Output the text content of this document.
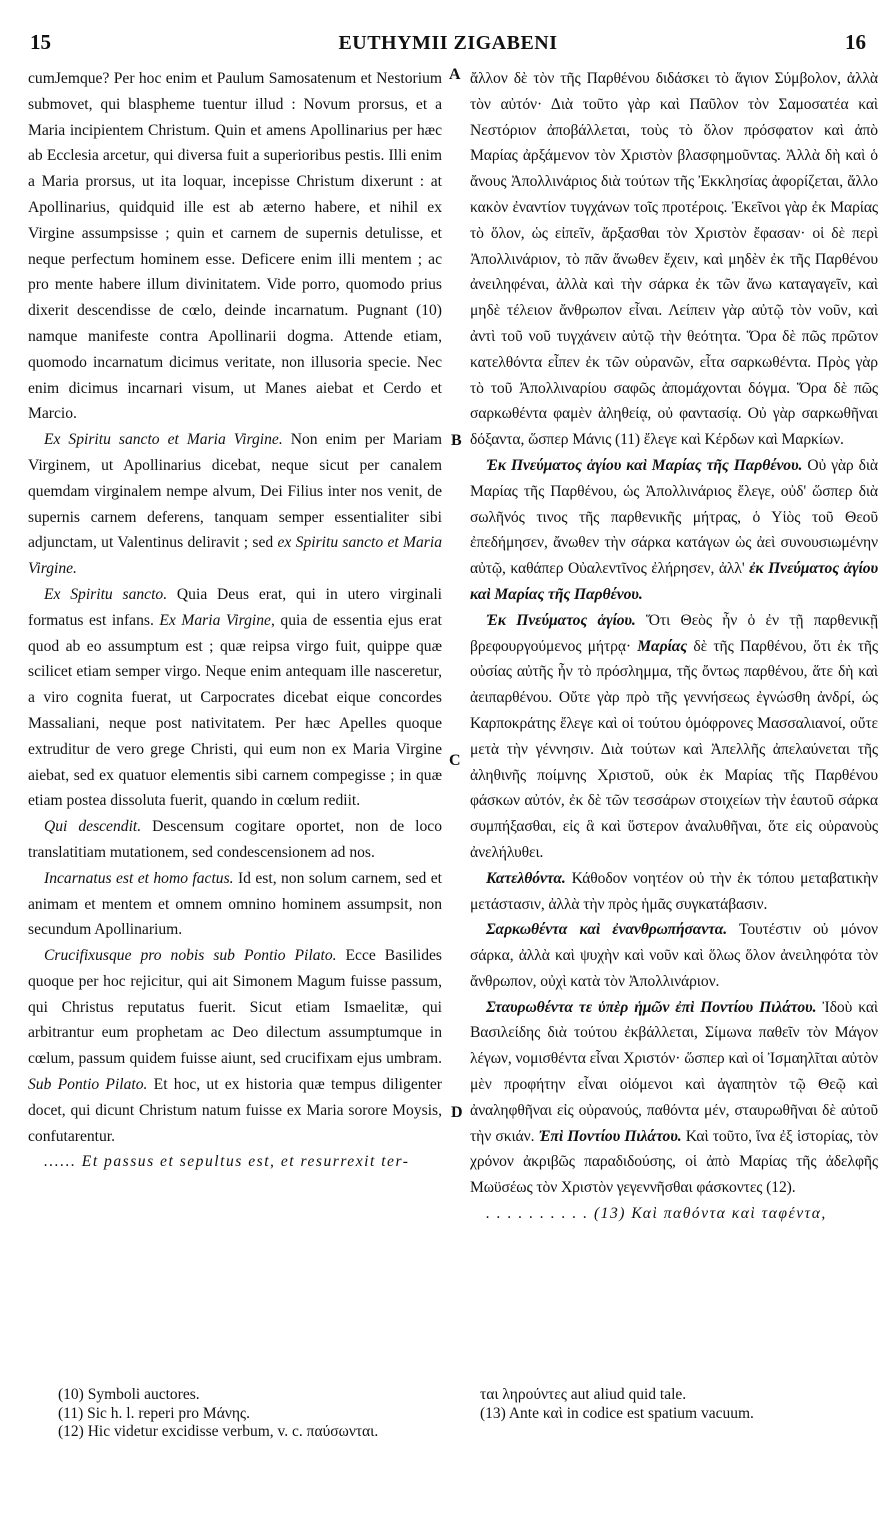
15	EUTHYMII ZIGABENI	16

cumJemque? Per hoc enim et Paulum Samosatenum et Nestorium submovet, qui blaspheme tuentur illud : Novum prorsus, et a Maria incipientem Christum. Quin et amens Apollinarius per hæc ab Ecclesia arcetur, qui diversa fuit a superioribus pestis. Illi enim a Maria prorsus, ut ita loquar, incepisse Christum dixerunt : at Apollinarius, quidquid ille est ab æterno habere, et nihil ex Virgine assumpsisse ; quin et carnem de supernis detulisse, et neque perfectum hominem esse. Deficere enim illi mentem ; ac pro mente habere illum divinitatem. Vide porro, quomodo prius dixerit descendisse de cœlo, deinde incarnatum. Pugnant (10) namque manifeste contra Apollinarii dogma. Attende etiam, quomodo incarnatum dicimus veritate, non illusoria specie. Nec enim dicimus incarnari visum, ut Manes aiebat et Cerdo et Marcio.

Ex Spiritu sancto et Maria Virgine. Non enim per Mariam Virginem, ut Apollinarius dicebat, neque sicut per canalem quemdam virginalem nempe alvum, Dei Filius inter nos venit, de supernis carnem deferens, tanquam semper essentialiter sibi adjunctam, ut Valentinus deliravit ; sed ex Spiritu sancto et Maria Virgine.

Ex Spiritu sancto. Quia Deus erat, qui in utero virginali formatus est infans. Ex Maria Virgine, quia de essentia ejus erat quod ab eo assumptum est ; quæ reipsa virgo fuit, quippe quæ scilicet etiam semper virgo. Neque enim antequam ille nasceretur, a viro cognita fuerat, ut Carpocrates dicebat eique concordes Massaliani, neque post nativitatem. Per hæc Apelles quoque extruditur de vero grege Christi, qui eum non ex Maria Virgine aiebat, sed ex quatuor elementis sibi carnem compegisse ; in quæ etiam postea dissoluta fuerit, quando in cœlum rediit.

Qui descendit. Descensum cogitare oportet, non de loco translatitiam mutationem, sed condescensionem ad nos.

Incarnatus est et homo factus. Id est, non solum carnem, sed et animam et mentem et omnem omnino hominem assumpsit, non secundum Apollinarium.

Crucifixusque pro nobis sub Pontio Pilato. Ecce Basilides quoque per hoc rejicitur, qui ait Simonem Magum fuisse passum, qui Christus reputatus fuerit. Sicut etiam Ismaelitæ, qui arbitrantur eum prophetam ac Deo dilectum assumptumque in cœlum, passum quidem fuisse aiunt, sed crucifixam ejus umbram. Sub Pontio Pilato. Et hoc, ut ex historia quæ tempus diligenter docet, qui dicunt Christum natum fuisse ex Maria sorore Moysis, confutarentur.

...... Et passus et sepultus est, et resurrexit ter-

ἄλλον δὲ τὸν τῆς Παρθένου διδάσκει τὸ ἅγιον Σύμβολον, ἀλλὰ τὸν αὐτόν· Διὰ τοῦτο γὰρ καὶ Παῦλον τὸν Σαμοσατέα καὶ Νεστόριον ἀποβάλλεται, τοὺς τὸ ὅλον πρόσφατον καὶ ἀπὸ Μαρίας ἀρξάμενον τὸν Χριστὸν βλασφημοῦντας. Ἀλλὰ δὴ καὶ ὁ ἄνους Ἀπολλινάριος διὰ τούτων τῆς Ἐκκλησίας ἀφορίζεται, ἄλλο κακὸν ἐναντίον τυγχάνων τοῖς προτέροις. Ἐκεῖνοι γὰρ ἐκ Μαρίας τὸ ὅλον, ὡς εἰπεῖν, ἄρξασθαι τὸν Χριστὸν ἔφασαν· οἱ δὲ περὶ Ἀπολλινάριον, τὸ πᾶν ἄνωθεν ἔχειν, καὶ μηδὲν ἐκ τῆς Παρθένου ἀνειληφέναι, ἀλλὰ καὶ τὴν σάρκα ἐκ τῶν ἄνω καταγαγεῖν, καὶ μηδὲ τέλειον ἄνθρωπον εἶναι. Λείπειν γὰρ αὐτῷ τὸν νοῦν, καὶ ἀντὶ τοῦ νοῦ τυγχάνειν αὐτῷ τὴν θεότητα. Ὅρα δὲ πῶς πρῶτον κατελθόντα εἶπεν ἐκ τῶν οὐρανῶν, εἶτα σαρκωθέντα. Πρὸς γὰρ τὸ τοῦ Ἀπολλιναρίου σαφῶς ἀπομάχονται δόγμα. Ὅρα δὲ πῶς σαρκωθέντα φαμὲν ἀληθείᾳ, οὐ φαντασίᾳ. Οὐ γὰρ σαρκωθῆναι δόξαντα, ὥσπερ Μάνις (11) ἔλεγε καὶ Κέρδων καὶ Μαρκίων.

Ἐκ Πνεύματος ἁγίου καὶ Μαρίας τῆς Παρθένου. Οὐ γὰρ διὰ Μαρίας τῆς Παρθένου, ὡς Ἀπολλινάριος ἔλεγε, οὐδ' ὥσπερ διὰ σωλῆνός τινος τῆς παρθενικῆς μήτρας, ὁ Υἱὸς τοῦ Θεοῦ ἐπεδήμησεν, ἄνωθεν τὴν σάρκα κατάγων ὡς ἀεὶ συνουσιωμένην αὐτῷ, καθάπερ Οὐαλεντῖνος ἐλήρησεν, ἀλλ' ἐκ Πνεύματος ἁγίου καὶ Μαρίας τῆς Παρθένου.

Ἐκ Πνεύματος ἁγίου. Ὅτι Θεὸς ἦν ὁ ἐν τῇ παρθενικῇ βρεφουργούμενος μήτρᾳ· Μαρίας δὲ τῆς Παρθένου, ὅτι ἐκ τῆς οὐσίας αὐτῆς ἦν τὸ πρόσλημμα, τῆς ὄντως παρθένου, ἅτε δὴ καὶ ἀειπαρθένου. Οὔτε γὰρ πρὸ τῆς γεννήσεως ἐγνώσθη ἀνδρί, ὡς Καρποκράτης ἔλεγε καὶ οἱ τούτου ὁμόφρονες Μασσαλιανοί, οὔτε μετὰ τὴν γέννησιν. Διὰ τούτων καὶ Ἀπελλῆς ἀπελαύνεται τῆς ἀληθινῆς ποίμνης Χριστοῦ, οὐκ ἐκ Μαρίας τῆς Παρθένου φάσκων αὐτόν, ἐκ δὲ τῶν τεσσάρων στοιχείων τὴν ἑαυτοῦ σάρκα συμπήξασθαι, εἰς ἃ καὶ ὕστερον ἀναλυθῆναι, ὅτε εἰς οὐρανοὺς ἀνελήλυθει.

Κατελθόντα. Κάθοδον νοητέον οὐ τὴν ἐκ τόπου μεταβατικὴν μετάστασιν, ἀλλὰ τὴν πρὸς ἡμᾶς συγκατάβασιν.

Σαρκωθέντα καὶ ἐνανθρωπήσαντα. Τουτέστιν οὐ μόνον σάρκα, ἀλλὰ καὶ ψυχὴν καὶ νοῦν καὶ ὅλως ὅλον ἀνειληφότα τὸν ἄνθρωπον, οὐχὶ κατὰ τὸν Ἀπολλινάριον.

Σταυρωθέντα τε ὑπὲρ ἡμῶν ἐπὶ Ποντίου Πιλάτου. Ἰδοὺ καὶ Βασιλείδης διὰ τούτου ἐκβάλλεται, Σίμωνα παθεῖν τὸν Μάγον λέγων, νομισθέντα εἶναι Χριστόν· ὥσπερ καὶ οἱ Ἰσμαηλῖται αὐτὸν μὲν προφήτην εἶναι οἰόμενοι καὶ ἀγαπητὸν τῷ Θεῷ καὶ ἀναληφθῆναι εἰς οὐρανούς, παθόντα μέν, σταυρωθῆναι δὲ αὐτοῦ τὴν σκιάν. Ἐπὶ Ποντίου Πιλάτου. Καὶ τοῦτο, ἵνα ἐξ ἱστορίας, τὸν χρόνον ἀκριβῶς παραδιδούσης, οἱ ἀπὸ Μαρίας τῆς ἀδελφῆς Μωϋσέως τὸν Χριστὸν γεγεννῆσθαι φάσκοντες (12).

. . . . . . . . . . (13) Καὶ παθόντα καὶ ταφέντα,

A
B
C
D
(10) Symboli auctores.
(11) Sic h. l. reperi pro Μάνης.
(12) Hic videtur excidisse verbum, v. c. παύσωνται.
ται ληρούντες aut aliud quid tale.
(13) Ante καὶ in codice est spatium vacuum.
